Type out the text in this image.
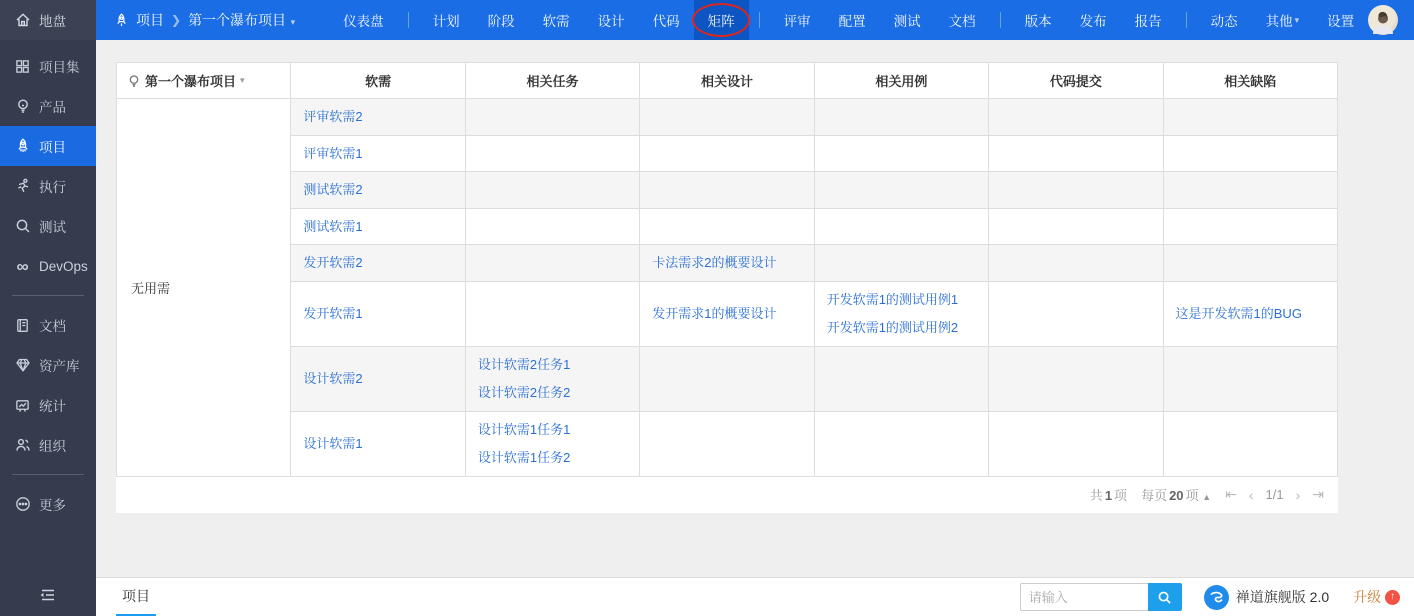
地盘
项目集
产品
项目
执行
测试
∞ DevOps
文档
资产库
统计
组织
更多
项目 ❯ 第一个瀑布项目 ▾	仪表盘	计划	阶段	软需	设计	代码	矩阵	评审	配置	测试	文档	版本	发布	报告	动态	其他 ▾	设置
第一个瀑布项目 ▾	软需	相关任务	相关设计	相关用例	代码提交	相关缺陷
无用需	评审软需2					

	评审软需1					

	测试软需2					

	测试软需1					

	发开软需2		卡法需求2的概要设计			

	发开软需1		发开需求1的概要设计	开发软需1的测试用例1
开发软需1的测试用例2		这是开发软需1的BUG

	设计软需2	设计软需2任务1
设计软需2任务2				

	设计软需1	设计软需1任务1
设计软需1任务2				

共 1 项 每页 20 项 ▲ ⇤ ‹ 1/1 › ⇥
项目
请输入	禅道旗舰版 2.0 升级 ↑
